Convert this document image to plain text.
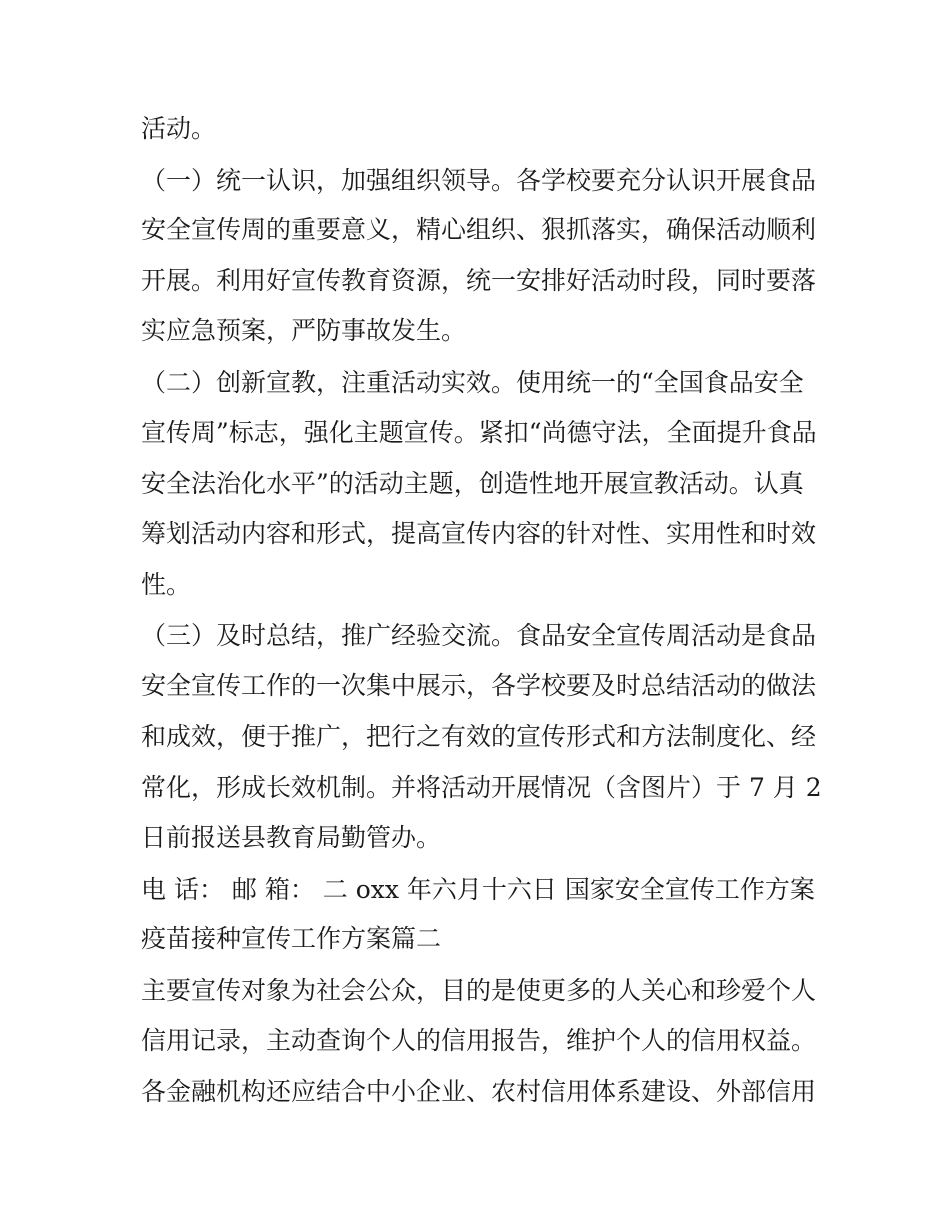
活动。
（一）统一认识，加强组织领导。各学校要充分认识开展食品
安全宣传周的重要意义，精心组织、狠抓落实，确保活动顺利
开展。利用好宣传教育资源，统一安排好活动时段，同时要落
实应急预案，严防事故发生。
（二）创新宣教，注重活动实效。使用统一的“全国食品安全
宣传周”标志，强化主题宣传。紧扣“尚德守法，全面提升食品
安全法治化水平”的活动主题，创造性地开展宣教活动。认真
筹划活动内容和形式，提高宣传内容的针对性、实用性和时效
性。
（三）及时总结，推广经验交流。食品安全宣传周活动是食品
安全宣传工作的一次集中展示，各学校要及时总结活动的做法
和成效，便于推广，把行之有效的宣传形式和方法制度化、经
常化，形成长效机制。并将活动开展情况（含图片）于 7 月 2
日前报送县教育局勤管办。
电 话： 邮 箱： 二 oxx 年六月十六日 国家安全宣传工作方案
疫苗接种宣传工作方案篇二
主要宣传对象为社会公众，目的是使更多的人关心和珍爱个人
信用记录，主动查询个人的信用报告，维护个人的信用权益。
各金融机构还应结合中小企业、农村信用体系建设、外部信用
